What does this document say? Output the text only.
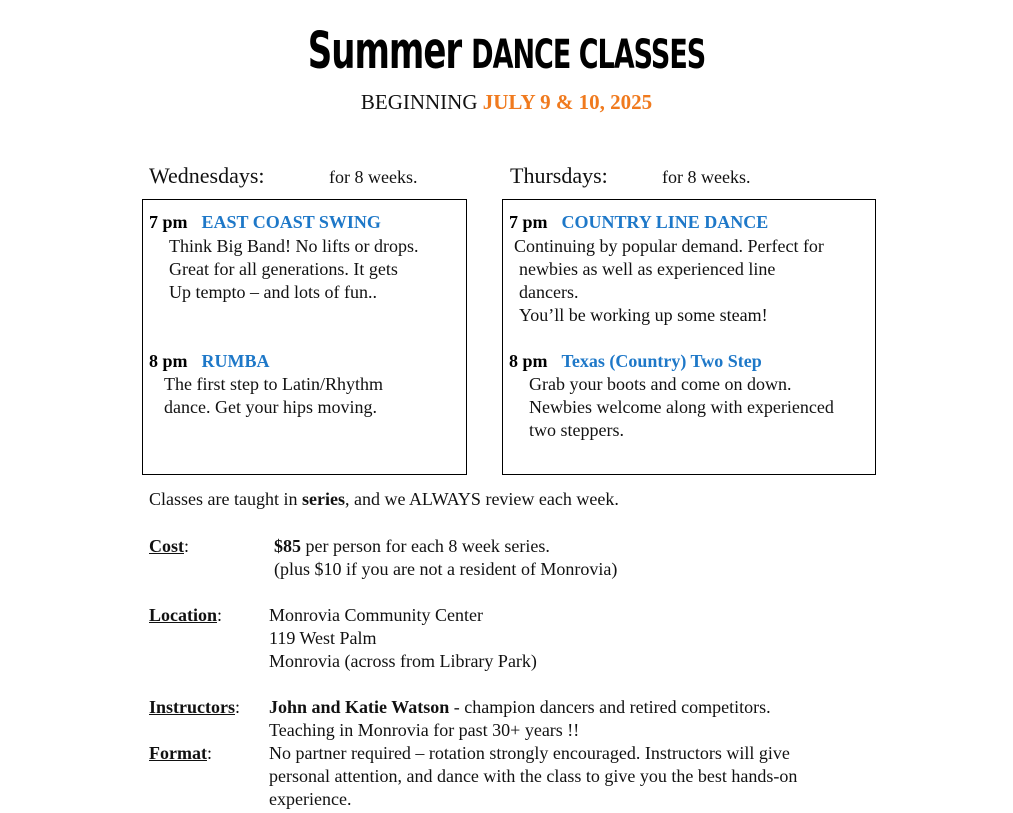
Summer DANCE CLASSES
BEGINNING JULY 9 & 10, 2025
Wednesdays:	for 8 weeks.	Thursdays:	for 8 weeks.
7 pm EAST COAST SWING
Think Big Band! No lifts or drops.
Great for all generations. It gets
Up tempto – and lots of fun..
8 pm RUMBA
The first step to Latin/Rhythm
dance. Get your hips moving.
7 pm COUNTRY LINE DANCE
Continuing by popular demand. Perfect for
newbies as well as experienced line
dancers.
You’ll be working up some steam!
8 pm Texas (Country) Two Step
Grab your boots and come on down.
Newbies welcome along with experienced
two steppers.
Classes are taught in series, and we ALWAYS review each week.
Cost:	$85 per person for each 8 week series.
(plus $10 if you are not a resident of Monrovia)
Location:	Monrovia Community Center
119 West Palm
Monrovia (across from Library Park)
Instructors: John and Katie Watson - champion dancers and retired competitors.
Teaching in Monrovia for past 30+ years !!
Format:	No partner required – rotation strongly encouraged. Instructors will give
personal attention, and dance with the class to give you the best hands-on
experience.
